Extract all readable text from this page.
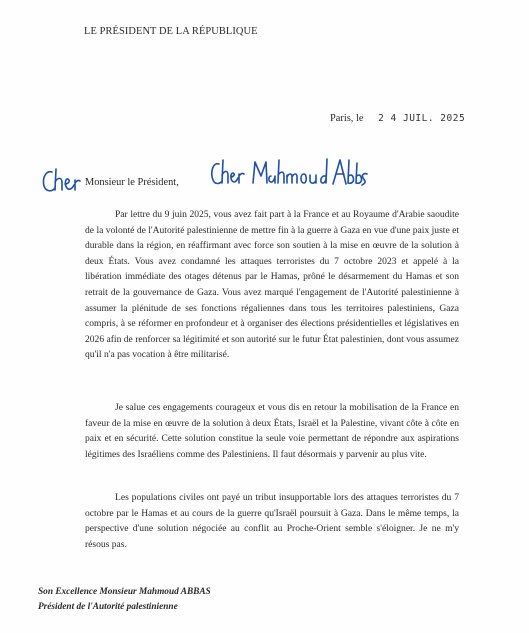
LE PRÉSIDENT DE LA RÉPUBLIQUE
Paris, le 2 4 JUIL. 2025
Monsieur le Président,

Par lettre du 9 juin 2025, vous avez fait part à la France et au Royaume d'Arabie saoudite de la volonté de l'Autorité palestinienne de mettre fin à la guerre à Gaza en vue d'une paix juste et durable dans la région, en réaffirmant avec force son soutien à la mise en œuvre de la solution à deux États. Vous avez condamné les attaques terroristes du 7 octobre 2023 et appelé à la libération immédiate des otages détenus par le Hamas, prôné le désarmement du Hamas et son retrait de la gouvernance de Gaza. Vous avez marqué l'engagement de l'Autorité palestinienne à assumer la plénitude de ses fonctions régaliennes dans tous les territoires palestiniens, Gaza compris, à se réformer en profondeur et à organiser des élections présidentielles et législatives en 2026 afin de renforcer sa légitimité et son autorité sur le futur État palestinien, dont vous assumez qu'il n'a pas vocation à être militarisé.

Je salue ces engagements courageux et vous dis en retour la mobilisation de la France en faveur de la mise en œuvre de la solution à deux États, Israël et la Palestine, vivant côte à côte en paix et en sécurité. Cette solution constitue la seule voie permettant de répondre aux aspirations légitimes des Israéliens comme des Palestiniens. Il faut désormais y parvenir au plus vite.

Les populations civiles ont payé un tribut insupportable lors des attaques terroristes du 7 octobre par le Hamas et au cours de la guerre qu'Israël poursuit à Gaza. Dans le même temps, la perspective d'une solution négociée au conflit au Proche-Orient semble s'éloigner. Je ne m'y résous pas.

Son Excellence Monsieur Mahmoud ABBAS
Président de l'Autorité palestinienne
